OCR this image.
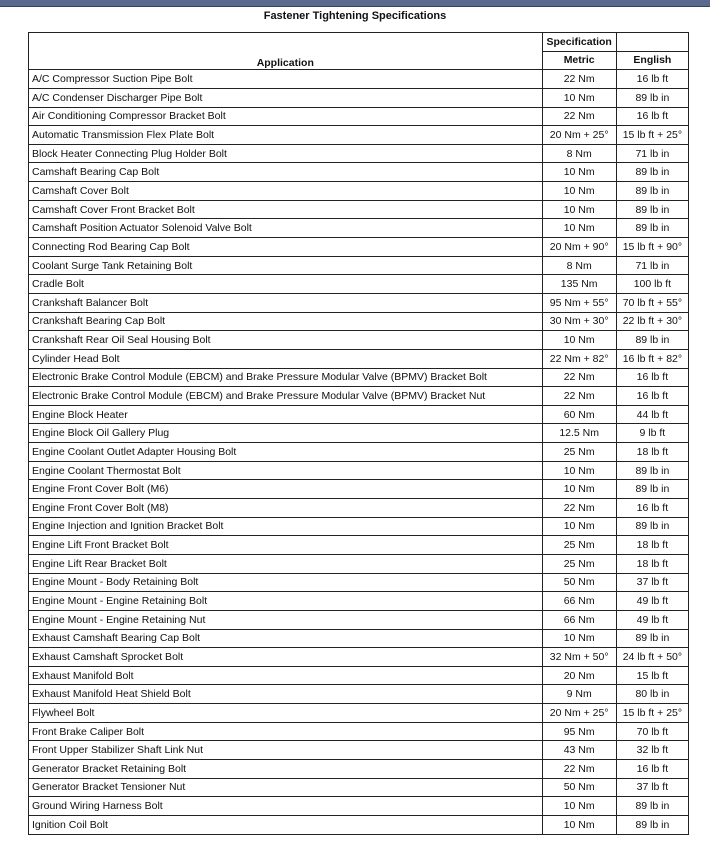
Fastener Tightening Specifications
Application	Specification	
	Metric	English
A/C Compressor Suction Pipe Bolt	22 Nm	16 lb ft
A/C Condenser Discharger Pipe Bolt	10 Nm	89 lb in
Air Conditioning Compressor Bracket Bolt	22 Nm	16 lb ft
Automatic Transmission Flex Plate Bolt	20 Nm + 25°	15 lb ft + 25°
Block Heater Connecting Plug Holder Bolt	8 Nm	71 lb in
Camshaft Bearing Cap Bolt	10 Nm	89 lb in
Camshaft Cover Bolt	10 Nm	89 lb in
Camshaft Cover Front Bracket Bolt	10 Nm	89 lb in
Camshaft Position Actuator Solenoid Valve Bolt	10 Nm	89 lb in
Connecting Rod Bearing Cap Bolt	20 Nm + 90°	15 lb ft + 90°
Coolant Surge Tank Retaining Bolt	8 Nm	71 lb in
Cradle Bolt	135 Nm	100 lb ft
Crankshaft Balancer Bolt	95 Nm + 55°	70 lb ft + 55°
Crankshaft Bearing Cap Bolt	30 Nm + 30°	22 lb ft + 30°
Crankshaft Rear Oil Seal Housing Bolt	10 Nm	89 lb in
Cylinder Head Bolt	22 Nm + 82°	16 lb ft + 82°
Electronic Brake Control Module (EBCM) and Brake Pressure Modular Valve (BPMV) Bracket Bolt	22 Nm	16 lb ft
Electronic Brake Control Module (EBCM) and Brake Pressure Modular Valve (BPMV) Bracket Nut	22 Nm	16 lb ft
Engine Block Heater	60 Nm	44 lb ft
Engine Block Oil Gallery Plug	12.5 Nm	9 lb ft
Engine Coolant Outlet Adapter Housing Bolt	25 Nm	18 lb ft
Engine Coolant Thermostat Bolt	10 Nm	89 lb in
Engine Front Cover Bolt (M6)	10 Nm	89 lb in
Engine Front Cover Bolt (M8)	22 Nm	16 lb ft
Engine Injection and Ignition Bracket Bolt	10 Nm	89 lb in
Engine Lift Front Bracket Bolt	25 Nm	18 lb ft
Engine Lift Rear Bracket Bolt	25 Nm	18 lb ft
Engine Mount - Body Retaining Bolt	50 Nm	37 lb ft
Engine Mount - Engine Retaining Bolt	66 Nm	49 lb ft
Engine Mount - Engine Retaining Nut	66 Nm	49 lb ft
Exhaust Camshaft Bearing Cap Bolt	10 Nm	89 lb in
Exhaust Camshaft Sprocket Bolt	32 Nm + 50°	24 lb ft + 50°
Exhaust Manifold Bolt	20 Nm	15 lb ft
Exhaust Manifold Heat Shield Bolt	9 Nm	80 lb in
Flywheel Bolt	20 Nm + 25°	15 lb ft + 25°
Front Brake Caliper Bolt	95 Nm	70 lb ft
Front Upper Stabilizer Shaft Link Nut	43 Nm	32 lb ft
Generator Bracket Retaining Bolt	22 Nm	16 lb ft
Generator Bracket Tensioner Nut	50 Nm	37 lb ft
Ground Wiring Harness Bolt	10 Nm	89 lb in
Ignition Coil Bolt	10 Nm	89 lb in
